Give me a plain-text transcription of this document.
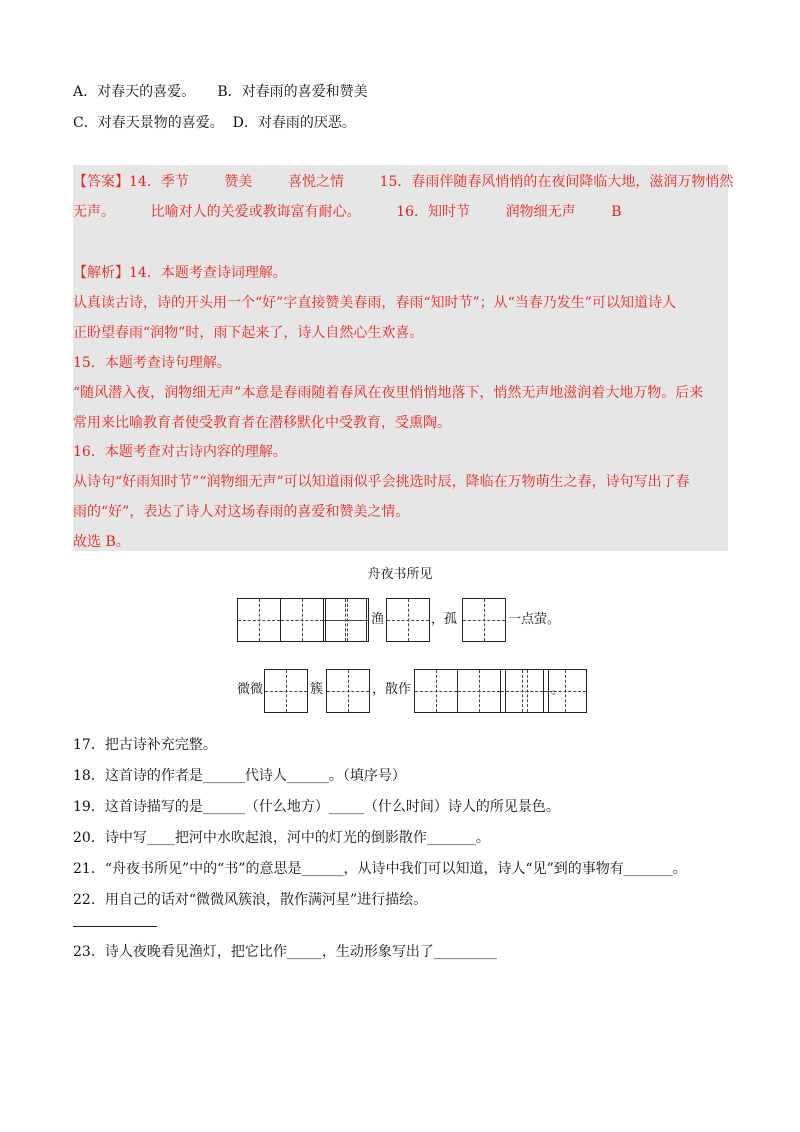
A．对春天的喜爱。     B．对春雨的喜爱和赞美
C．对春天景物的喜爱。  D．对春雨的厌恶。
【答案】14．季节        赞美        喜悦之情        15．春雨伴随春风悄悄的在夜间降临大地，滋润万物悄然
无声。        比喻对人的关爱或教诲富有耐心。        16．知时节        润物细无声        B
【解析】14．本题考查诗词理解。
认真读古诗，诗的开头用一个“好”字直接赞美春雨，春雨“知时节”；从“当春乃发生”可以知道诗人
正盼望春雨“润物”时，雨下起来了，诗人自然心生欢喜。
15．本题考查诗句理解。
“随风潜入夜，润物细无声”本意是春雨随着春风在夜里悄悄地落下，悄然无声地滋润着大地万物。后来
常用来比喻教育者使受教育者在潜移默化中受教育，受熏陶。
16．本题考查对古诗内容的理解。
从诗句“好雨知时节”“润物细无声”可以知道雨似乎会挑选时辰，降临在万物萌生之春，诗句写出了春
雨的“好”，表达了诗人对这场春雨的喜爱和赞美之情。
故选 B。
舟夜书所见
渔	，孤	一点萤。
微微	簇	，散作	。
17．把古诗补充完整。
18．这首诗的作者是______代诗人______。（填序号）
19．这首诗描写的是______（什么地方）_____（什么时间）诗人的所见景色。
20．诗中写____把河中水吹起浪，河中的灯光的倒影散作_______。
21．“舟夜书所见”中的“书”的意思是______，从诗中我们可以知道，诗人“见”到的事物有_______。
22．用自己的话对“微微风簇浪，散作满河星”进行描绘。
23．诗人夜晚看见渔灯，把它比作_____，生动形象写出了_________
